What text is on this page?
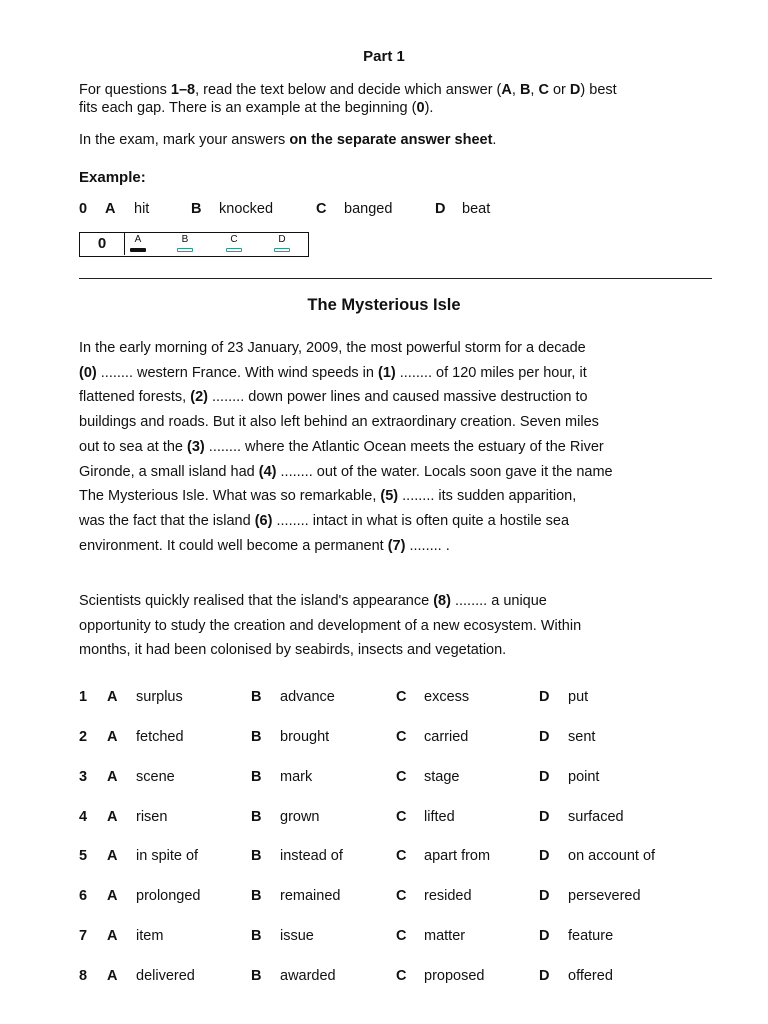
Part 1

For questions 1–8, read the text below and decide which answer (A, B, C or D) best

fits each gap. There is an example at the beginning (0).

In the exam, mark your answers on the separate answer sheet.

Example:
0 A hit	B knocked	C banged	D beat
0	A	B	C	D
The Mysterious Isle

In the early morning of 23 January, 2009, the most powerful storm for a decade
(0) ........ western France. With wind speeds in (1) ........ of 120 miles per hour, it
flattened forests, (2) ........ down power lines and caused massive destruction to
buildings and roads. But it also left behind an extraordinary creation. Seven miles
out to sea at the (3) ........ where the Atlantic Ocean meets the estuary of the River
Gironde, a small island had (4) ........ out of the water. Locals soon gave it the name
The Mysterious Isle. What was so remarkable, (5) ........ its sudden apparition,
was the fact that the island (6) ........ intact in what is often quite a hostile sea
environment. It could well become a permanent (7) ........ .

Scientists quickly realised that the island's appearance (8) ........ a unique
opportunity to study the creation and development of a new ecosystem. Within
months, it had been colonised by seabirds, insects and vegetation.

1 A surplus	B advance	C excess	D put
2 A fetched	B brought	C carried	D sent
3 A scene	B mark	C stage	D point
4 A risen	B grown	C lifted	D surfaced
5 A in spite of	B instead of	C apart from	D on account of
6 A prolonged	B remained	C resided	D persevered
7 A item	B issue	C matter	D feature
8 A delivered	B awarded	C proposed	D offered
